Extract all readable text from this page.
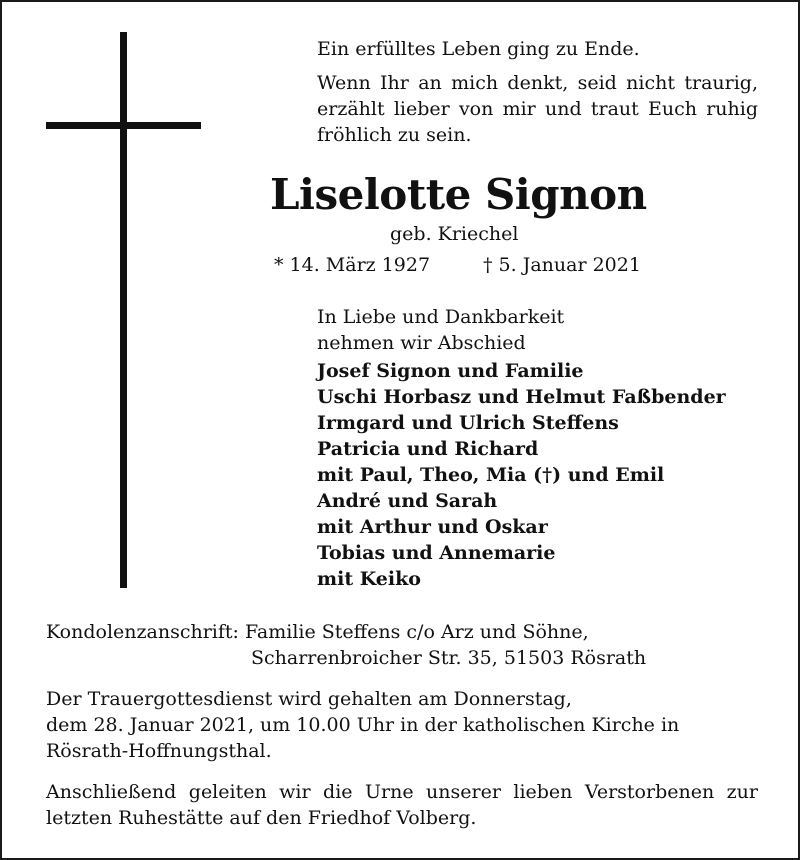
Ein erfülltes Leben ging zu Ende.

Wenn Ihr an mich denkt, seid nicht traurig, erzählt lieber von mir und traut Euch ruhig fröhlich zu sein.

Liselotte Signon
geb. Kriechel
* 14. März 1927	† 5. Januar 2021
In Liebe und Dankbarkeit
nehmen wir Abschied
Josef Signon und Familie
Uschi Horbasz und Helmut Faßbender
Irmgard und Ulrich Steffens
Patricia und Richard
mit Paul, Theo, Mia (†) und Emil
André und Sarah
mit Arthur und Oskar
Tobias und Annemarie
mit Keiko
Kondolenzanschrift: Familie Steffens c/o Arz und Söhne,
Scharrenbroicher Str. 35, 51503 Rösrath
Der Trauergottesdienst wird gehalten am Donnerstag,
dem 28. Januar 2021, um 10.00 Uhr in der katholischen Kirche in
Rösrath-Hoffnungsthal.
Anschließend geleiten wir die Urne unserer lieben Verstorbenen zur letzten Ruhestätte auf den Friedhof Volberg.
